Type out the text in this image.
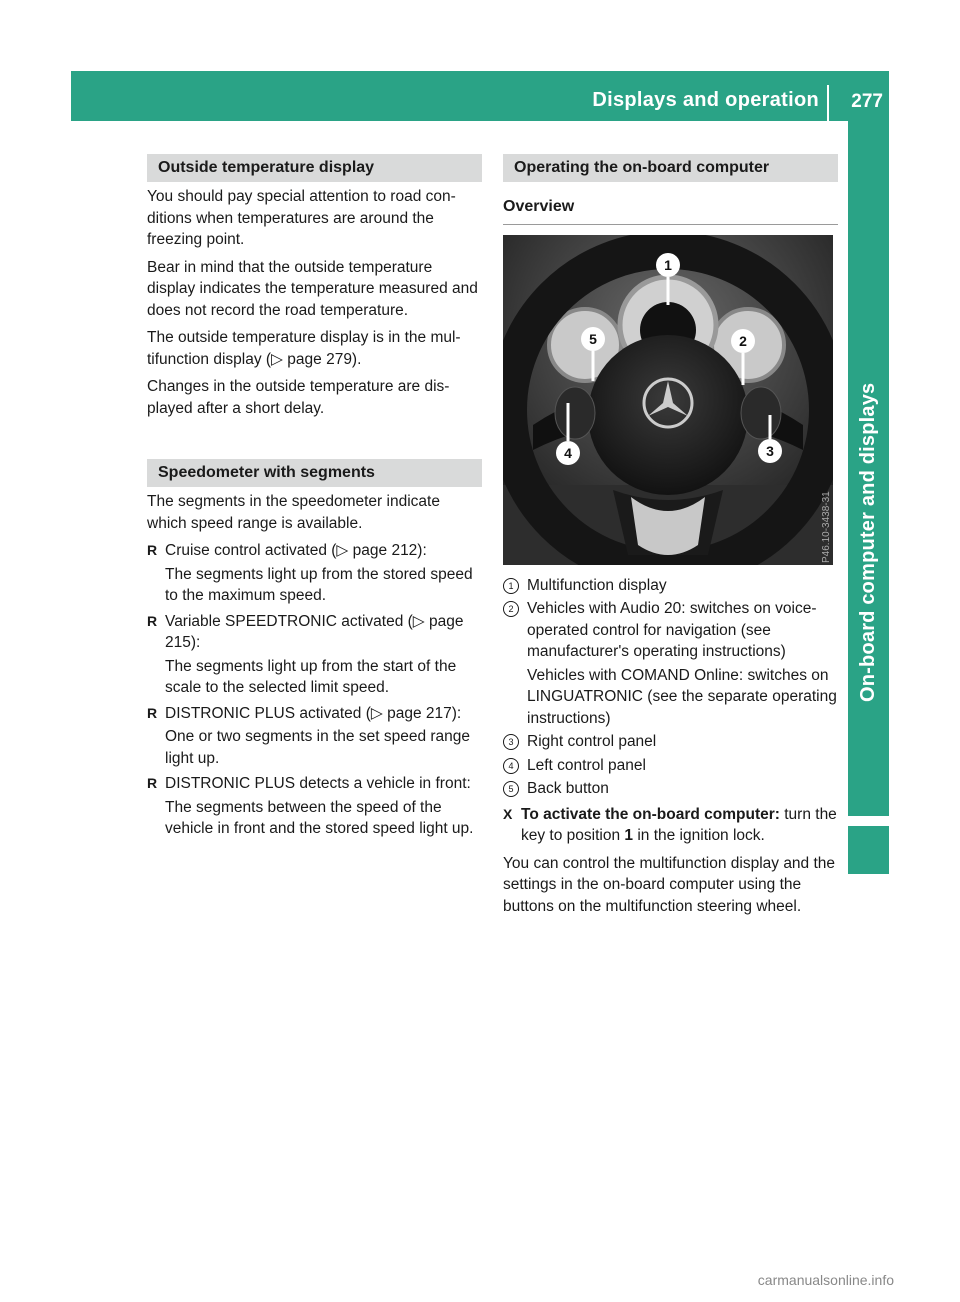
Displays and operation 277
On-board computer and displays
Outside temperature display

You should pay special attention to road con-ditions when temperatures are around the freezing point.

Bear in mind that the outside temperature display indicates the temperature measured and does not record the road temperature.

The outside temperature display is in the mul-tifunction display (▷ page 279).

Changes in the outside temperature are dis-played after a short delay.

Speedometer with segments

The segments in the speedometer indicate which speed range is available.

R Cruise control activated (▷ page 212):

The segments light up from the stored speed to the maximum speed.

R Variable SPEEDTRONIC activated (▷ page 215):

The segments light up from the start of the scale to the selected limit speed.

R DISTRONIC PLUS activated (▷ page 217):

One or two segments in the set speed range light up.

R DISTRONIC PLUS detects a vehicle in front:

The segments between the speed of the vehicle in front and the stored speed light up.

Operating the on-board computer
Overview
1
2
3
4
5
P46.10-3438-31
1 Multifunction display
2 Vehicles with Audio 20: switches on voice-operated control for navigation (see manufacturer's operating instructions)
Vehicles with COMAND Online: switches on LINGUATRONIC (see the separate operating instructions)
3 Right control panel
4 Left control panel
5 Back button
X To activate the on-board computer: turn the key to position 1 in the ignition lock.

You can control the multifunction display and the settings in the on-board computer using the buttons on the multifunction steering wheel.

carmanualsonline.info
